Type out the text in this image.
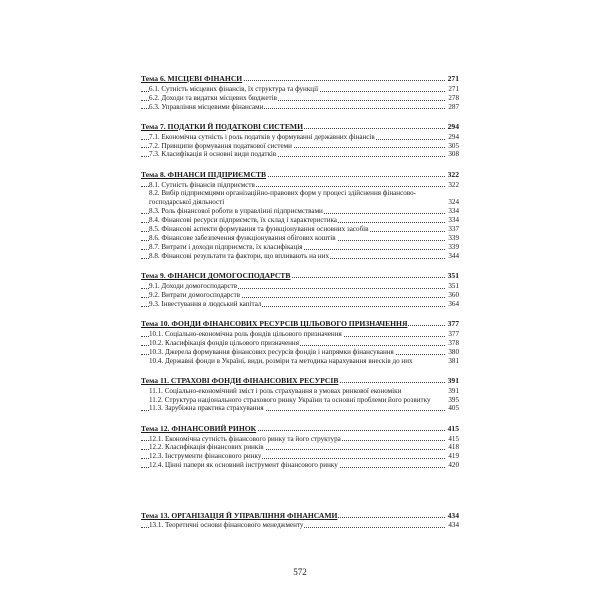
Тема 6. МІСЦЕВІ ФІНАНСИ	271
6.1. Сутність місцевих фінансів, їх структура та функції	271
6.2. Доходи та видатки місцевих бюджетів	278
6.3. Управління місцевими фінансами	287
Тема 7. ПОДАТКИ Й ПОДАТКОВІ СИСТЕМИ	294
7.1. Економічна сутність і роль податків у формуванні державних фінансів	294
7.2. Принципи формування податкової системи	305
7.3. Класифікація й основні види податків	308
Тема 8. ФІНАНСИ ПІДПРИЄМСТВ	322
8.1. Сутність фінансів підприємств	322
8.2. Вибір підприємцями організаційно-правових форм у процесі здійснення фінансово-господарської діяльності	324
8.3. Роль фінансової роботи в управлінні підприємствами	334
8.4. Фінансові ресурси підприємств, їх склад і характеристика	334
8.5. Фінансові аспекти формування та функціонування основних засобів	337
8.6. Фінансове забезпечення функціонування обігових коштів	339
8.7. Витрати і доходи підприємств, їх класифікація	339
8.8. Фінансові результати та фактори, що впливають на них	344
Тема 9. ФІНАНСИ ДОМОГОСПОДАРСТВ	351
9.1. Доходи домогосподарств	351
9.2. Витрати домогосподарств	360
9.3. Інвестування в людський капітал	364
Тема 10. ФОНДИ ФІНАНСОВИХ РЕСУРСІВ ЦІЛЬОВОГО ПРИЗНАЧЕННЯ	377
10.1. Соціально-економічна роль фондів цільового призначення	377
10.2. Класифікація фондів цільового призначення	378
10.3. Джерела формування фінансових ресурсів фондів і напрямки фінансування	380
10.4. Державні фонди в Україні, види, розміри та методика нарахування внесків до них	381
Тема 11. СТРАХОВІ ФОНДИ ФІНАНСОВИХ РЕСУРСІВ	391
11.1. Соціально-економічний зміст і роль страхування в умовах ринкової економіки	391
11.2. Структура національного страхового ринку України та основні проблеми його розвитку	395
11.3. Зарубіжна практика страхування	405
Тема 12. ФІНАНСОВИЙ РИНОК	415
12.1. Економічна сутність фінансового ринку та його структура	415
12.2. Класифікація фінансових ринків	418
12.3. Інструменти фінансового ринку	419
12.4. Цінні папери як основний інструмент фінансового ринку	420
Тема 13. ОРГАНІЗАЦІЯ Й УПРАВЛІННЯ ФІНАНСАМИ	434
13.1. Теоретичні основи фінансового менеджменту	434
572
